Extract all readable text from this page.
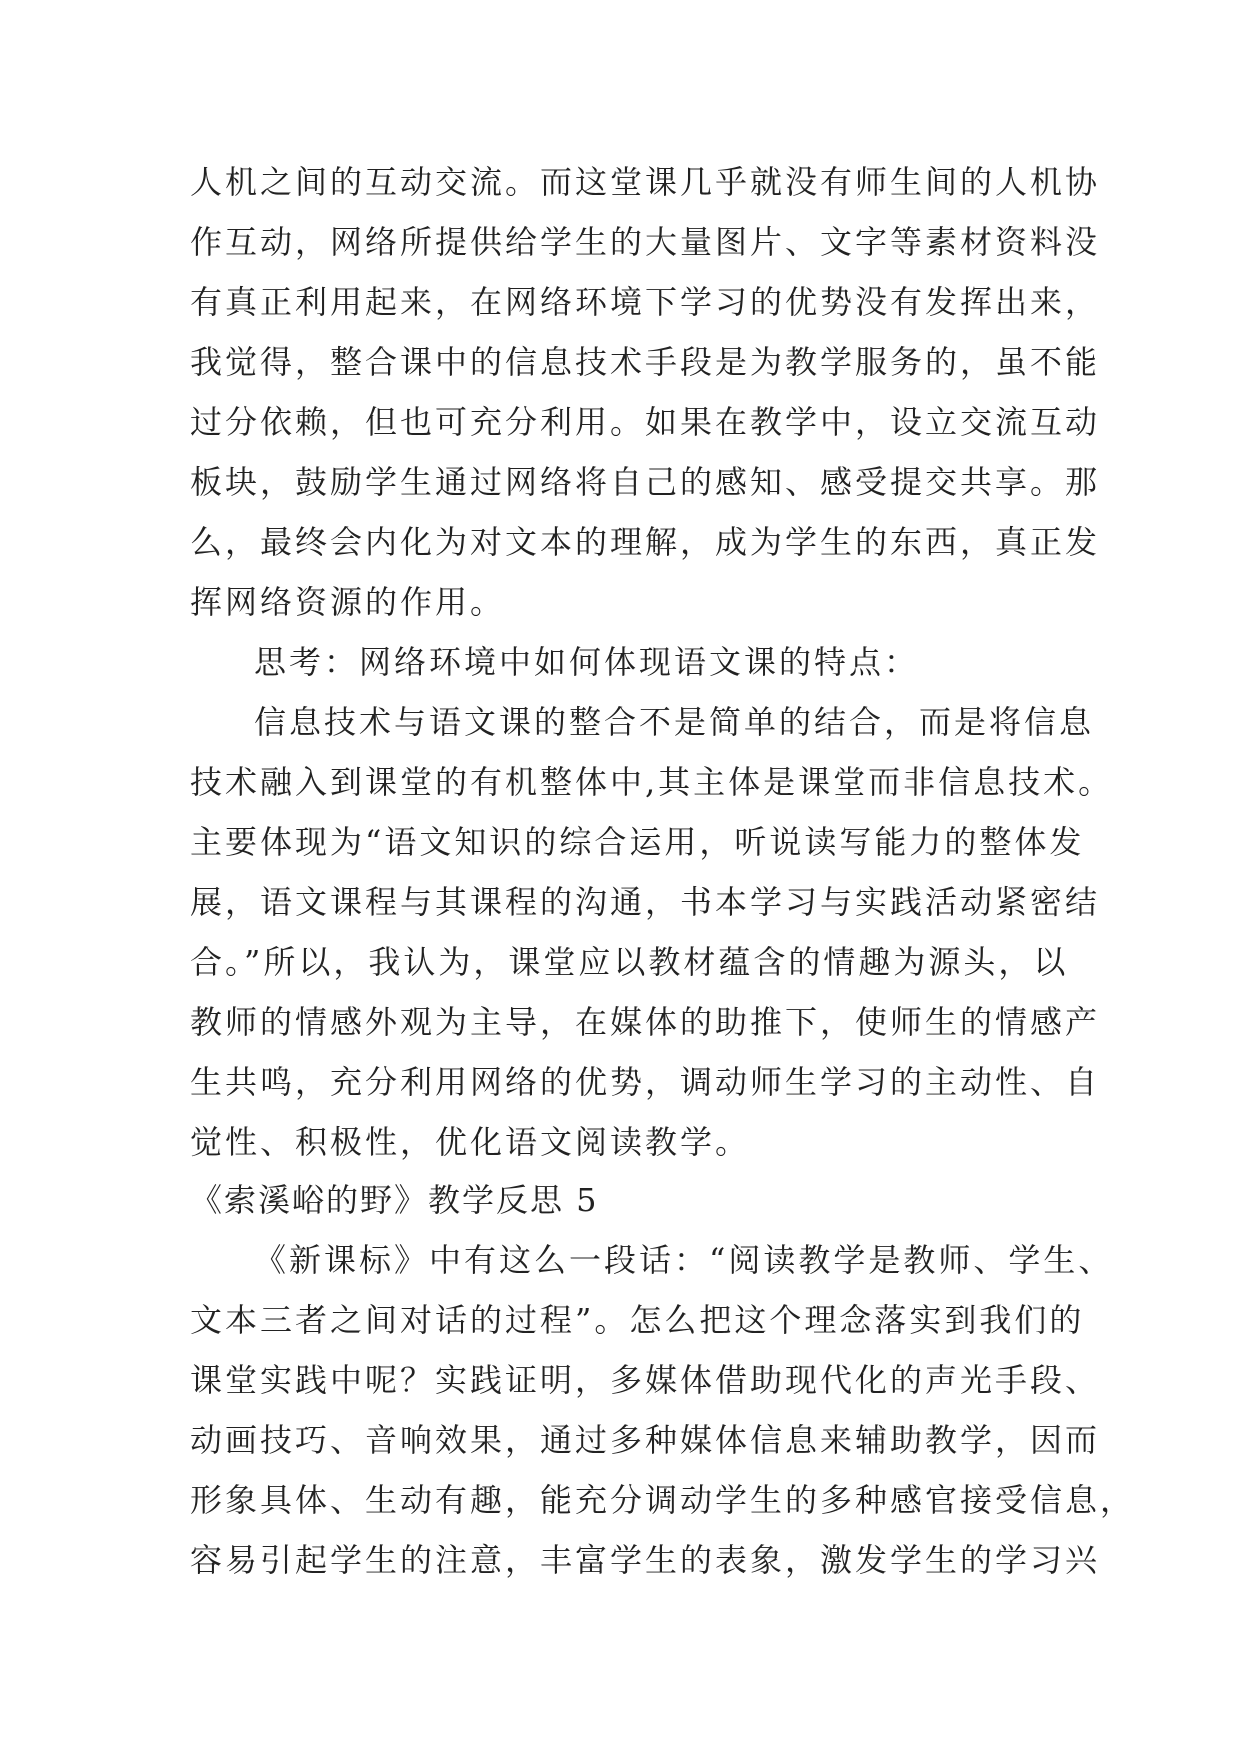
人机之间的互动交流。而这堂课几乎就没有师生间的人机协
作互动，网络所提供给学生的大量图片、文字等素材资料没
有真正利用起来，在网络环境下学习的优势没有发挥出来，
我觉得，整合课中的信息技术手段是为教学服务的，虽不能
过分依赖，但也可充分利用。如果在教学中，设立交流互动
板块，鼓励学生通过网络将自己的感知、感受提交共享。那
么，最终会内化为对文本的理解，成为学生的东西，真正发
挥网络资源的作用。
思考：网络环境中如何体现语文课的特点：
信息技术与语文课的整合不是简单的结合，而是将信息
技术融入到课堂的有机整体中,其主体是课堂而非信息技术。
主要体现为“语文知识的综合运用，听说读写能力的整体发
展，语文课程与其课程的沟通，书本学习与实践活动紧密结
合。”所以，我认为，课堂应以教材蕴含的情趣为源头，以
教师的情感外观为主导，在媒体的助推下，使师生的情感产
生共鸣，充分利用网络的优势，调动师生学习的主动性、自
觉性、积极性，优化语文阅读教学。
《索溪峪的野》教学反思 5
《新课标》中有这么一段话：“阅读教学是教师、学生、
文本三者之间对话的过程”。怎么把这个理念落实到我们的
课堂实践中呢？实践证明，多媒体借助现代化的声光手段、
动画技巧、音响效果，通过多种媒体信息来辅助教学，因而
形象具体、生动有趣，能充分调动学生的多种感官接受信息，
容易引起学生的注意，丰富学生的表象，激发学生的学习兴
